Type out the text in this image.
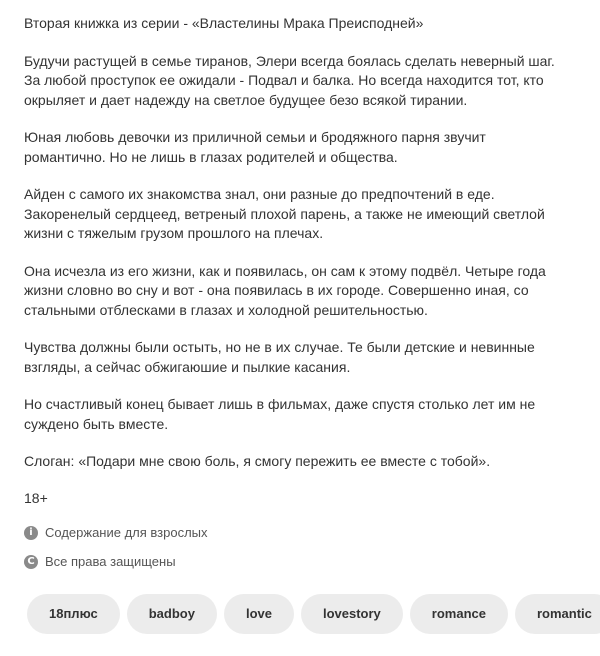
Вторая книжка из серии - «Властелины Мрака Преисподней»

Будучи растущей в семье тиранов, Элери всегда боялась сделать неверный шаг.
За любой проступок ее ожидали - Подвал и балка. Но всегда находится тот, кто
окрыляет и дает надежду на светлое будущее безо всякой тирании.

Юная любовь девочки из приличной семьи и бродяжного парня звучит
романтично. Но не лишь в глазах родителей и общества.

Айден с самого их знакомства знал, они разные до предпочтений в еде.
Закоренелый сердцеед, ветреный плохой парень, а также не имеющий светлой
жизни с тяжелым грузом прошлого на плечах.

Она исчезла из его жизни, как и появилась, он сам к этому подвёл. Четыре года
жизни словно во сну и вот - она появилась в их городе. Совершенно иная, со
стальными отблесками в глазах и холодной решительностью.

Чувства должны были остыть, но не в их случае. Те были детские и невинные
взгляды, а сейчас обжигаюшие и пылкие касания.

Но счастливый конец бывает лишь в фильмах, даже спустя столько лет им не
суждено быть вместе.

Слоган: «Подари мне свою боль, я смогу пережить ее вместе с тобой».

18+
i Содержание для взрослых
C Все права защищены
18плюс	badboy	love	lovestory	romance	romantic
